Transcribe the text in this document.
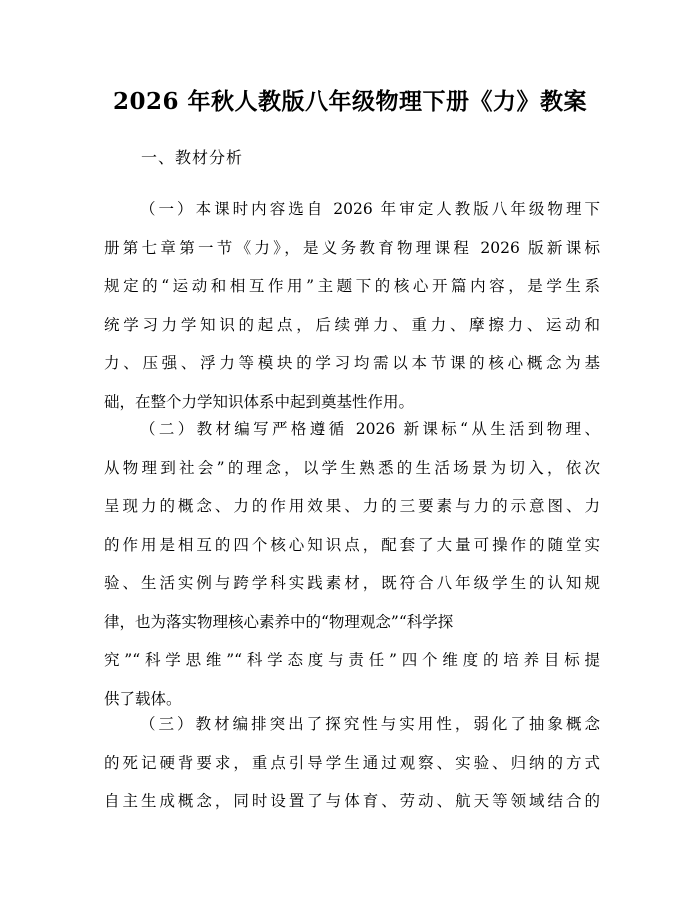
2026 年秋人教版八年级物理下册《力》教案
一、教材分析
（一）本课时内容选自 2026 年审定人教版八年级物理下
册第七章第一节《力》，是义务教育物理课程 2026 版新课标
规定的“运动和相互作用”主题下的核心开篇内容，是学生系
统学习力学知识的起点，后续弹力、重力、摩擦力、运动和
力、压强、浮力等模块的学习均需以本节课的核心概念为基
础，在整个力学知识体系中起到奠基性作用。
（二）教材编写严格遵循 2026 新课标“从生活到物理、
从物理到社会”的理念，以学生熟悉的生活场景为切入，依次
呈现力的概念、力的作用效果、力的三要素与力的示意图、力
的作用是相互的四个核心知识点，配套了大量可操作的随堂实
验、生活实例与跨学科实践素材，既符合八年级学生的认知规
律，也为落实物理核心素养中的“物理观念”“科学探
究”“科学思维”“科学态度与责任”四个维度的培养目标提
供了载体。
（三）教材编排突出了探究性与实用性，弱化了抽象概念
的死记硬背要求，重点引导学生通过观察、实验、归纳的方式
自主生成概念，同时设置了与体育、劳动、航天等领域结合的
